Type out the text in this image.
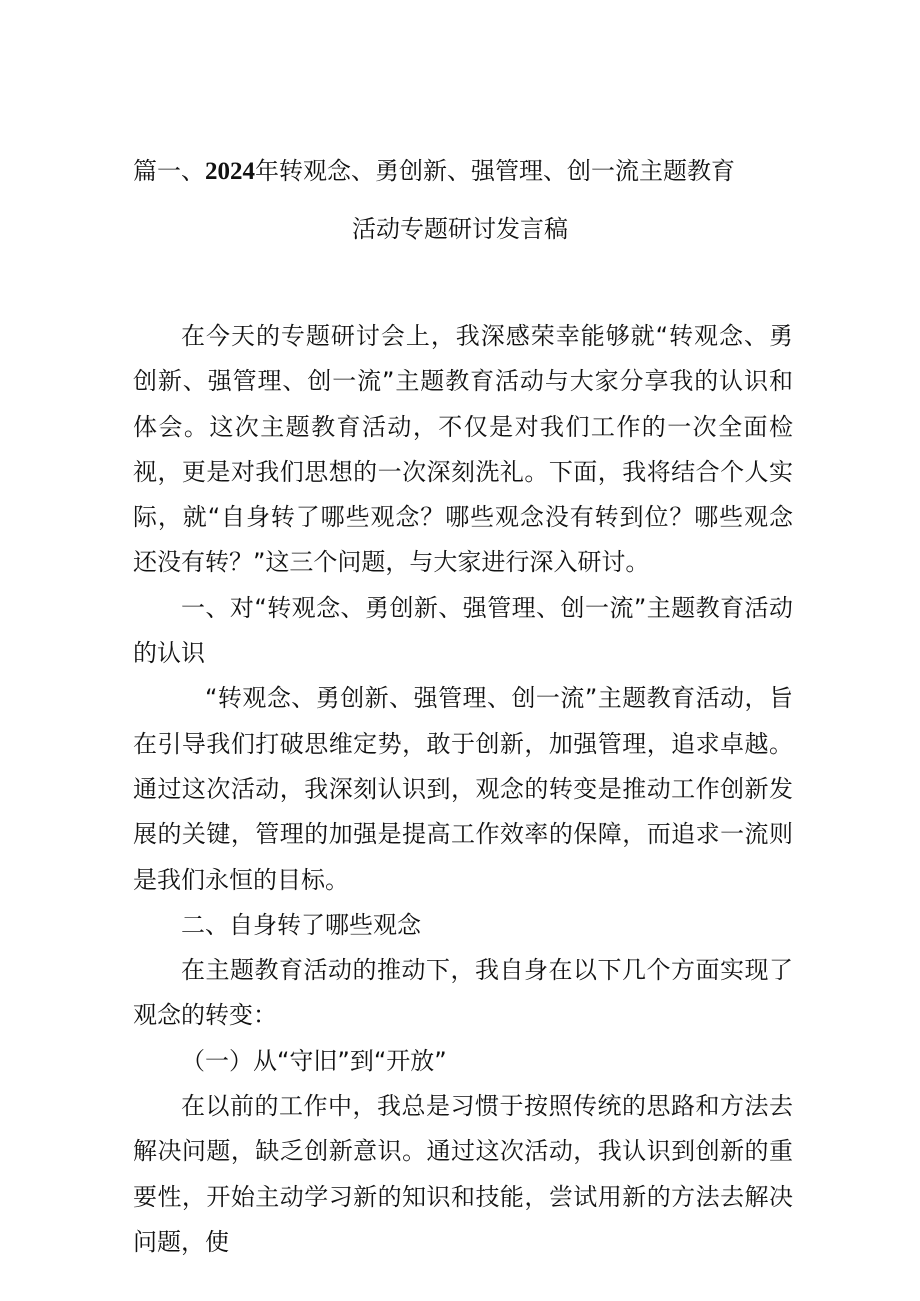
篇一、2024年转观念、勇创新、强管理、创一流主题教育
活动专题研讨发言稿

在今天的专题研讨会上，我深感荣幸能够就“转观念、勇创新、强管理、创一流”主题教育活动与大家分享我的认识和体会。这次主题教育活动，不仅是对我们工作的一次全面检视，更是对我们思想的一次深刻洗礼。下面，我将结合个人实际，就“自身转了哪些观念？哪些观念没有转到位？哪些观念还没有转？”这三个问题，与大家进行深入研讨。

一、对“转观念、勇创新、强管理、创一流”主题教育活动的认识

“转观念、勇创新、强管理、创一流”主题教育活动，旨在引导我们打破思维定势，敢于创新，加强管理，追求卓越。通过这次活动，我深刻认识到，观念的转变是推动工作创新发展的关键，管理的加强是提高工作效率的保障，而追求一流则是我们永恒的目标。

二、自身转了哪些观念

在主题教育活动的推动下，我自身在以下几个方面实现了观念的转变：

（一）从“守旧”到“开放”

在以前的工作中，我总是习惯于按照传统的思路和方法去解决问题，缺乏创新意识。通过这次活动，我认识到创新的重要性，开始主动学习新的知识和技能，尝试用新的方法去解决问题，使
